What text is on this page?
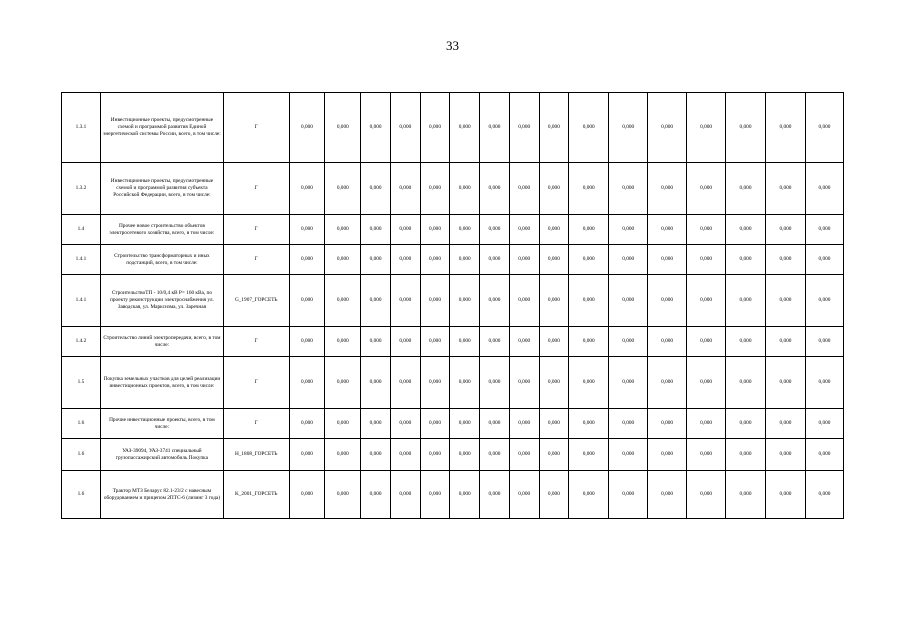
33
1.3.1	Инвестиционные проекты, предусмотренные схемой и программой развития Единой энергетической системы России, всего, в том числе:	Г	0,000	0,000	0,000	0,000	0,000	0,000	0,000	0,000	0,000	0,000	0,000	0,000	0,000	0,000	0,000	0,000
1.3.2	Инвестиционные проекты, предусмотренные схемой и программой развития субъекта Российской Федерации, всего, в том числе:	Г	0,000	0,000	0,000	0,000	0,000	0,000	0,000	0,000	0,000	0,000	0,000	0,000	0,000	0,000	0,000	0,000
1.4	Прочее новое строительство объектов электросетевого хозяйства, всего, в том числе:	Г	0,000	0,000	0,000	0,000	0,000	0,000	0,000	0,000	0,000	0,000	0,000	0,000	0,000	0,000	0,000	0,000
1.4.1	Строительство трансформаторных и иных подстанций, всего, в том числе:	Г	0,000	0,000	0,000	0,000	0,000	0,000	0,000	0,000	0,000	0,000	0,000	0,000	0,000	0,000	0,000	0,000
1.4.1	СтроительствоТП - 10/0,4 кВ Р= 160 кВа, по проекту реконструкции электроснабжения ул. Заводская, ул. Марксизма, ул. Заречная	G_1907_ГОРСЕТЬ	0,000	0,000	0,000	0,000	0,000	0,000	0,000	0,000	0,000	0,000	0,000	0,000	0,000	0,000	0,000	0,000
1.4.2	Строительство линий электропередачи, всего, в том числе:	Г	0,000	0,000	0,000	0,000	0,000	0,000	0,000	0,000	0,000	0,000	0,000	0,000	0,000	0,000	0,000	0,000
1.5	Покупка земельных участков для целей реализации инвестиционных проектов, всего, в том числе:	Г	0,000	0,000	0,000	0,000	0,000	0,000	0,000	0,000	0,000	0,000	0,000	0,000	0,000	0,000	0,000	0,000
1.6	Прочие инвестиционные проекты, всего, в том числе:	Г	0,000	0,000	0,000	0,000	0,000	0,000	0,000	0,000	0,000	0,000	0,000	0,000	0,000	0,000	0,000	0,000
1.6	УАЗ-39094, УАЗ-3741 специальный грузопассажирский автомобиль Покупка	H_1808_ГОРСЕТЬ	0,000	0,000	0,000	0,000	0,000	0,000	0,000	0,000	0,000	0,000	0,000	0,000	0,000	0,000	0,000	0,000
1.6	Трактор МТЗ Беларус 82.1-23/2 с навесным оборудованием и прицепом 2ПТС-6 (лизинг 3 года)	K_2001_ГОРСЕТЬ	0,000	0,000	0,000	0,000	0,000	0,000	0,000	0,000	0,000	0,000	0,000	0,000	0,000	0,000	0,000	0,000
